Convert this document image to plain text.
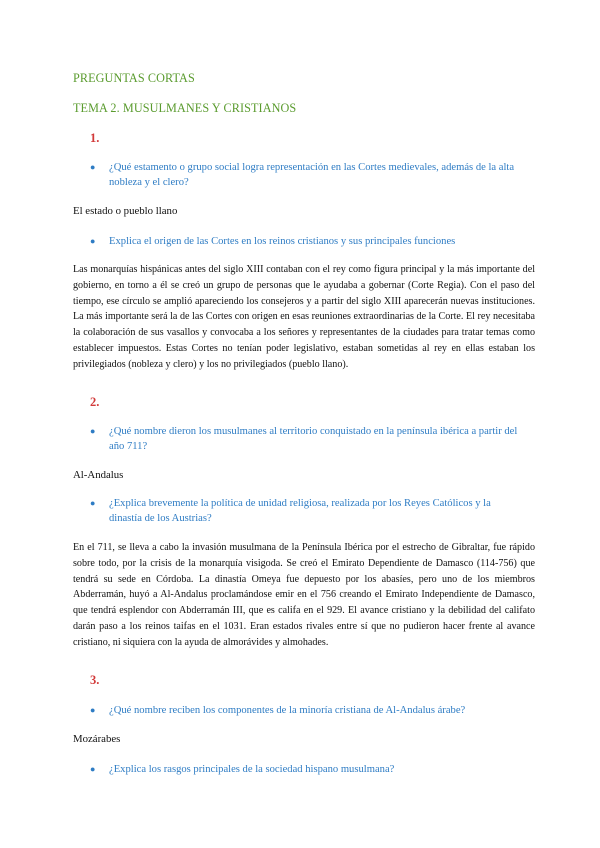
PREGUNTAS CORTAS
TEMA 2. MUSULMANES Y CRISTIANOS
1.
●	¿Qué estamento o grupo social logra representación en las Cortes medievales, además de la alta nobleza y el clero?
El estado o pueblo llano
●	Explica el origen de las Cortes en los reinos cristianos y sus principales funciones
Las monarquías hispánicas antes del siglo XIII contaban con el rey como figura principal y la más importante del gobierno, en torno a él se creó un grupo de personas que le ayudaba a gobernar (Corte Regia). Con el paso del tiempo, ese círculo se amplió apareciendo los consejeros y a partir del siglo XIII aparecerán nuevas instituciones. La más importante será la de las Cortes con origen en esas reuniones extraordinarias de la Corte. El rey necesitaba la colaboración de sus vasallos y convocaba a los señores y representantes de la ciudades para tratar temas como establecer impuestos. Estas Cortes no tenían poder legislativo, estaban sometidas al rey en ellas estaban los privilegiados (nobleza y clero) y los no privilegiados (pueblo llano).
2.
●	¿Qué nombre dieron los musulmanes al territorio conquistado en la península ibérica a partir del año 711?
Al-Andalus
●	¿Explica brevemente la política de unidad religiosa, realizada por los Reyes Católicos y la dinastía de los Austrias?
En el 711, se lleva a cabo la invasión musulmana de la Península Ibérica por el estrecho de Gibraltar, fue rápido sobre todo, por la crisis de la monarquía visigoda. Se creó el Emirato Dependiente de Damasco (114-756) que tendrá su sede en Córdoba. La dinastía Omeya fue depuesto por los abasíes, pero uno de los miembros Abderramán, huyó a Al-Andalus proclamándose emir en el 756 creando el Emirato Independiente de Damasco, que tendrá esplendor con Abderramán III, que es califa en el 929. El avance cristiano y la debilidad del califato darán paso a los reinos taifas en el 1031. Eran estados rivales entre sí que no pudieron hacer frente al avance cristiano, ni siquiera con la ayuda de almorávides y almohades.
3.
●	¿Qué nombre reciben los componentes de la minoría cristiana de Al-Andalus árabe?
Mozárabes
●	¿Explica los rasgos principales de la sociedad hispano musulmana?
